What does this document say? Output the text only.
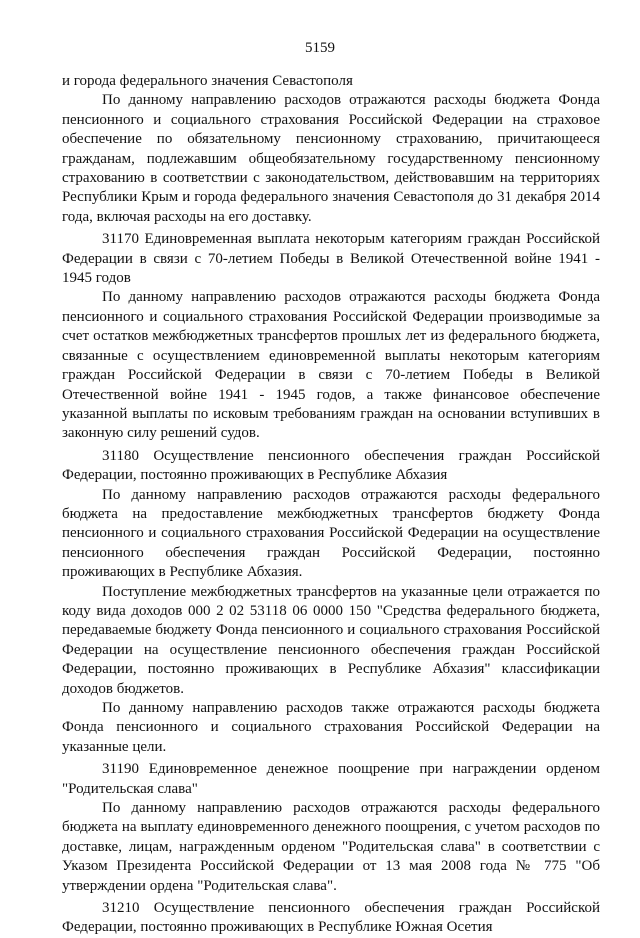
5159

и города федерального значения Севастополя

По данному направлению расходов отражаются расходы бюджета Фонда пенсионного и социального страхования Российской Федерации на страховое обеспечение по обязательному пенсионному страхованию, причитающееся гражданам, подлежавшим общеобязательному государственному пенсионному страхованию в соответствии с законодательством, действовавшим на территориях Республики Крым и города федерального значения Севастополя до 31 декабря 2014 года, включая расходы на его доставку.

31170 Единовременная выплата некоторым категориям граждан Российской Федерации в связи с 70-летием Победы в Великой Отечественной войне 1941 - 1945 годов

По данному направлению расходов отражаются расходы бюджета Фонда пенсионного и социального страхования Российской Федерации производимые за счет остатков межбюджетных трансфертов прошлых лет из федерального бюджета, связанные с осуществлением единовременной выплаты некоторым категориям граждан Российской Федерации в связи с 70-летием Победы в Великой Отечественной войне 1941 - 1945 годов, а также финансовое обеспечение указанной выплаты по исковым требованиям граждан на основании вступивших в законную силу решений судов.

31180 Осуществление пенсионного обеспечения граждан Российской Федерации, постоянно проживающих в Республике Абхазия

По данному направлению расходов отражаются расходы федерального бюджета на предоставление межбюджетных трансфертов бюджету Фонда пенсионного и социального страхования Российской Федерации на осуществление пенсионного обеспечения граждан Российской Федерации, постоянно проживающих в Республике Абхазия.

Поступление межбюджетных трансфертов на указанные цели отражается по коду вида доходов 000 2 02 53118 06 0000 150 "Средства федерального бюджета, передаваемые бюджету Фонда пенсионного и социального страхования Российской Федерации на осуществление пенсионного обеспечения граждан Российской Федерации, постоянно проживающих в Республике Абхазия" классификации доходов бюджетов.

По данному направлению расходов также отражаются расходы бюджета Фонда пенсионного и социального страхования Российской Федерации на указанные цели.

31190 Единовременное денежное поощрение при награждении орденом "Родительская слава"

По данному направлению расходов отражаются расходы федерального бюджета на выплату единовременного денежного поощрения, с учетом расходов по доставке, лицам, награжденным орденом "Родительская слава" в соответствии с Указом Президента Российской Федерации от 13 мая 2008 года № 775 "Об утверждении ордена "Родительская слава".

31210 Осуществление пенсионного обеспечения граждан Российской Федерации, постоянно проживающих в Республике Южная Осетия
